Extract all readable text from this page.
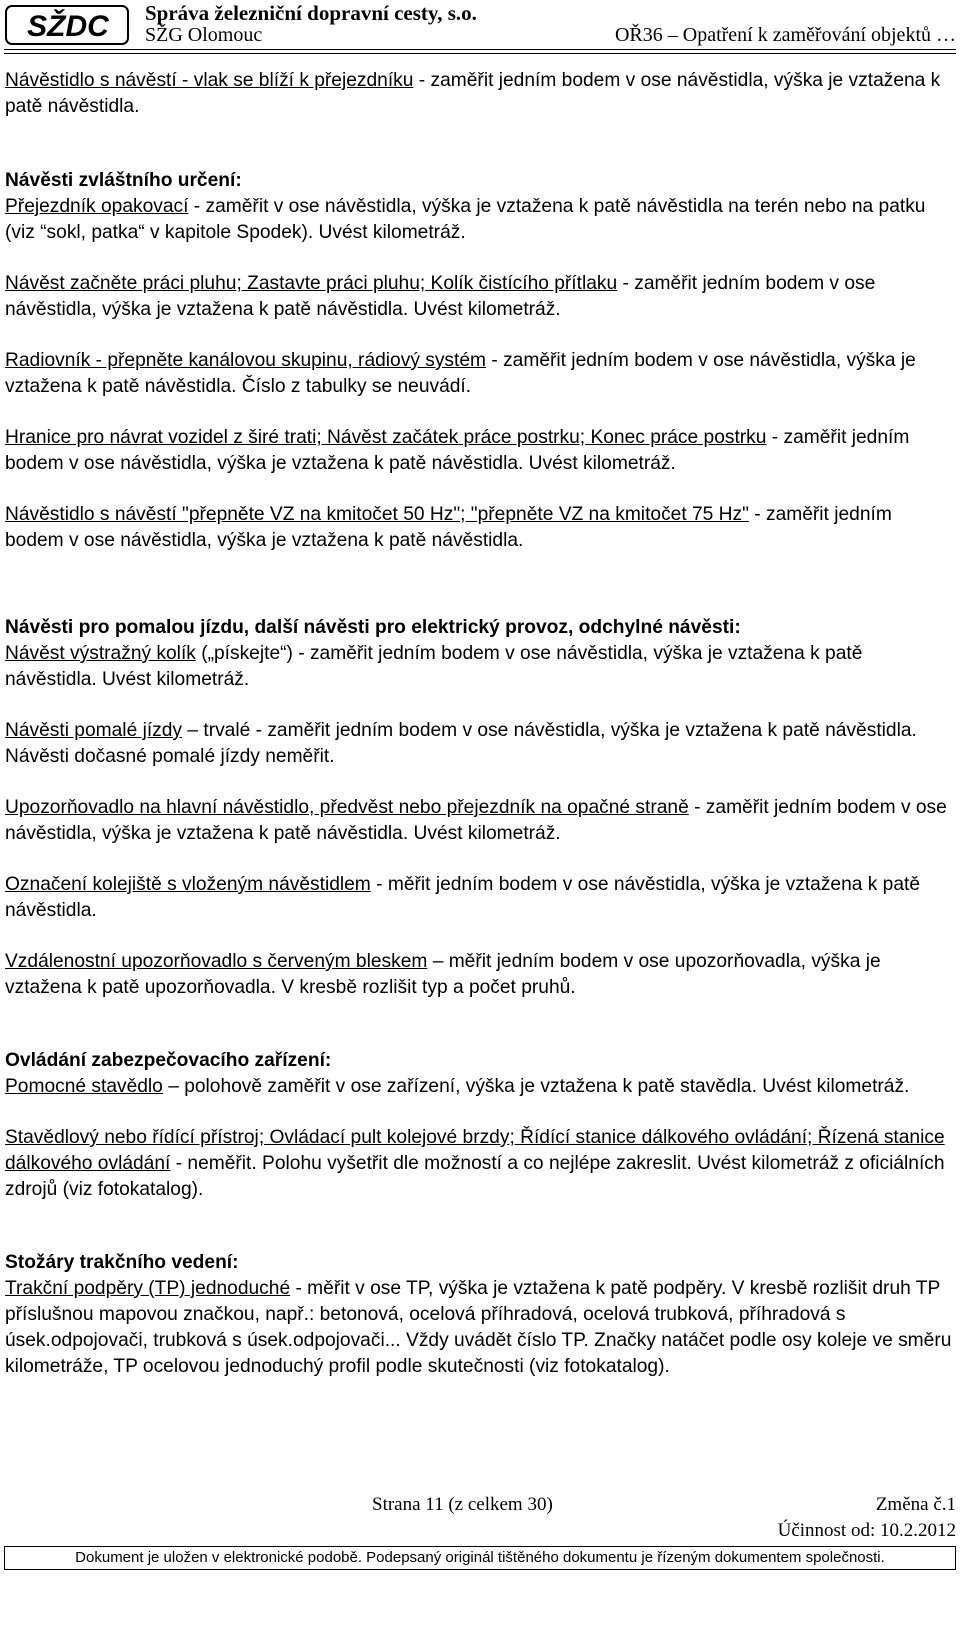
SŽDC Správa železniční dopravní cesty, s.o.
SŽG Olomouc	OŘ36 – Opatření k zaměřování objektů …

Návěstidlo s návěstí - vlak se blíží k přejezdníku - zaměřit jedním bodem v ose návěstidla, výška je vztažena k patě návěstidla.

Návěsti zvláštního určení:
Přejezdník opakovací - zaměřit v ose návěstidla, výška je vztažena k patě návěstidla na terén nebo na patku (viz “sokl, patka“ v kapitole Spodek). Uvést kilometráž.

Návěst začněte práci pluhu; Zastavte práci pluhu; Kolík čistícího přítlaku - zaměřit jedním bodem v ose návěstidla, výška je vztažena k patě návěstidla. Uvést kilometráž.

Radiovník - přepněte kanálovou skupinu, rádiový systém - zaměřit jedním bodem v ose návěstidla, výška je vztažena k patě návěstidla. Číslo z tabulky se neuvádí.

Hranice pro návrat vozidel z širé trati; Návěst začátek práce postrku; Konec práce postrku - zaměřit jedním bodem v ose návěstidla, výška je vztažena k patě návěstidla. Uvést kilometráž.

Návěstidlo s návěstí "přepněte VZ na kmitočet 50 Hz"; "přepněte VZ na kmitočet 75 Hz" - zaměřit jedním bodem v ose návěstidla, výška je vztažena k patě návěstidla.

Návěsti pro pomalou jízdu, další návěsti pro elektrický provoz, odchylné návěsti:
Návěst výstražný kolík („pískejte“) - zaměřit jedním bodem v ose návěstidla, výška je vztažena k patě návěstidla. Uvést kilometráž.

Návěsti pomalé jízdy – trvalé - zaměřit jedním bodem v ose návěstidla, výška je vztažena k patě návěstidla. Návěsti dočasné pomalé jízdy neměřit.

Upozorňovadlo na hlavní návěstidlo, předvěst nebo přejezdník na opačné straně - zaměřit jedním bodem v ose návěstidla, výška je vztažena k patě návěstidla. Uvést kilometráž.

Označení kolejiště s vloženým návěstidlem - měřit jedním bodem v ose návěstidla, výška je vztažena k patě návěstidla.

Vzdálenostní upozorňovadlo s červeným bleskem – měřit jedním bodem v ose upozorňovadla, výška je vztažena k patě upozorňovadla. V kresbě rozlišit typ a počet pruhů.

Ovládání zabezpečovacího zařízení:
Pomocné stavědlo – polohově zaměřit v ose zařízení, výška je vztažena k patě stavědla. Uvést kilometráž.

Stavědlový nebo řídící přístroj; Ovládací pult kolejové brzdy; Řídící stanice dálkového ovládání; Řízená stanice dálkového ovládání - neměřit. Polohu vyšetřit dle možností a co nejlépe zakreslit. Uvést kilometráž z oficiálních zdrojů (viz fotokatalog).

Stožáry trakčního vedení:
Trakční podpěry (TP) jednoduché - měřit v ose TP, výška je vztažena k patě podpěry. V kresbě rozlišit druh TP příslušnou mapovou značkou, např.: betonová, ocelová příhradová, ocelová trubková, příhradová s úsek.odpojovači, trubková s úsek.odpojovači... Vždy uvádět číslo TP. Značky natáčet podle osy koleje ve směru kilometráže, TP ocelovou jednoduchý profil podle skutečnosti (viz fotokatalog).

Strana 11 (z celkem 30)	Změna č.1
Účinnost od: 10.2.2012
Dokument je uložen v elektronické podobě. Podepsaný originál tištěného dokumentu je řízeným dokumentem společnosti.
